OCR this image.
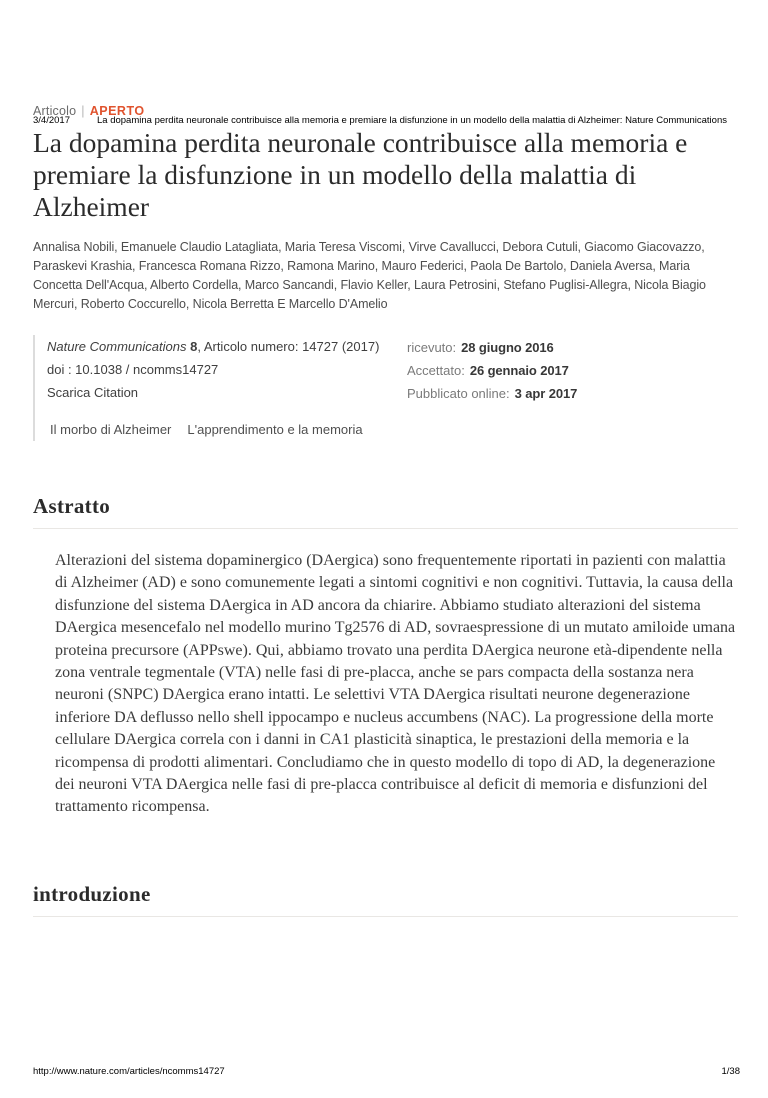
3/4/2017	La dopamina perdita neuronale contribuisce alla memoria e premiare la disfunzione in un modello della malattia di Alzheimer: Nature Communications
Articolo | APERTO
La dopamina perdita neuronale contribuisce alla memoria e premiare la disfunzione in un modello della malattia di Alzheimer

Annalisa Nobili, Emanuele Claudio Latagliata, Maria Teresa Viscomi, Virve Cavallucci, Debora Cutuli, Giacomo Giacovazzo, Paraskevi Krashia, Francesca Romana Rizzo, Ramona Marino, Mauro Federici, Paola De Bartolo, Daniela Aversa, Maria Concetta Dell'Acqua, Alberto Cordella, Marco Sancandi, Flavio Keller, Laura Petrosini, Stefano Puglisi-Allegra, Nicola Biagio Mercuri, Roberto Coccurello, Nicola Berretta E Marcello D'Amelio

Nature Communications 8, Articolo numero: 14727 (2017)
doi : 10.1038 / ncomms14727
Scarica Citation
Il morbo di Alzheimer L'apprendimento e la memoria
ricevuto: 28 giugno 2016
Accettato: 26 gennaio 2017
Pubblicato online: 3 apr 2017
Astratto

Alterazioni del sistema dopaminergico (DAergica) sono frequentemente riportati in pazienti con malattia di Alzheimer (AD) e sono comunemente legati a sintomi cognitivi e non cognitivi. Tuttavia, la causa della disfunzione del sistema DAergica in AD ancora da chiarire. Abbiamo studiato alterazioni del sistema DAergica mesencefalo nel modello murino Tg2576 di AD, sovraespressione di un mutato amiloide umana proteina precursore (APPswe). Qui, abbiamo trovato una perdita DAergica neurone età-dipendente nella zona ventrale tegmentale (VTA) nelle fasi di pre-placca, anche se pars compacta della sostanza nera neuroni (SNPC) DAergica erano intatti. Le selettivi VTA DAergica risultati neurone degenerazione inferiore DA deflusso nello shell ippocampo e nucleus accumbens (NAC). La progressione della morte cellulare DAergica correla con i danni in CA1 plasticità sinaptica, le prestazioni della memoria e la ricompensa di prodotti alimentari. Concludiamo che in questo modello di topo di AD, la degenerazione dei neuroni VTA DAergica nelle fasi di pre-placca contribuisce al deficit di memoria e disfunzioni del trattamento ricompensa.

introduzione
http://www.nature.com/articles/ncomms14727	1/38
